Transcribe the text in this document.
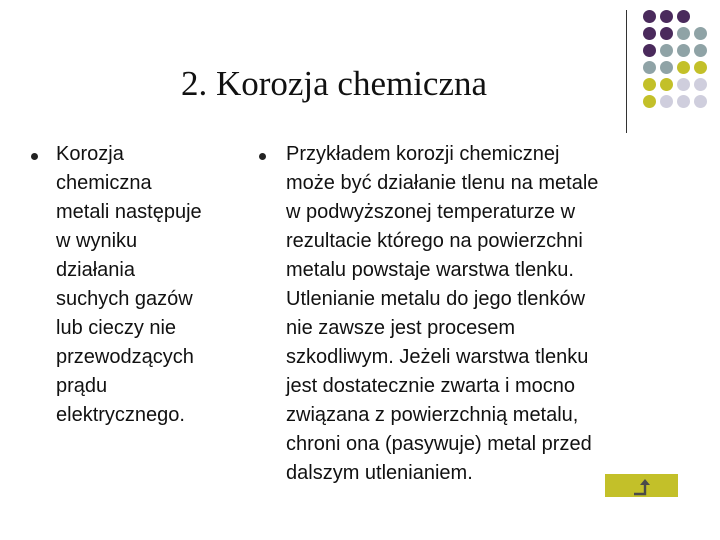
2. Korozja chemiczna

Korozja
chemiczna
metali następuje
w wyniku
działania
suchych gazów
lub cieczy nie
przewodzących
prądu
elektrycznego.

Przykładem korozji chemicznej
może być działanie tlenu na metale
w podwyższonej temperaturze w
rezultacie którego na powierzchni
metalu powstaje warstwa tlenku.
Utlenianie metalu do jego tlenków
nie zawsze jest procesem
szkodliwym. Jeżeli warstwa tlenku
jest dostatecznie zwarta i mocno
związana z powierzchnią metalu,
chroni ona (pasywuje) metal przed
dalszym utlenianiem.
